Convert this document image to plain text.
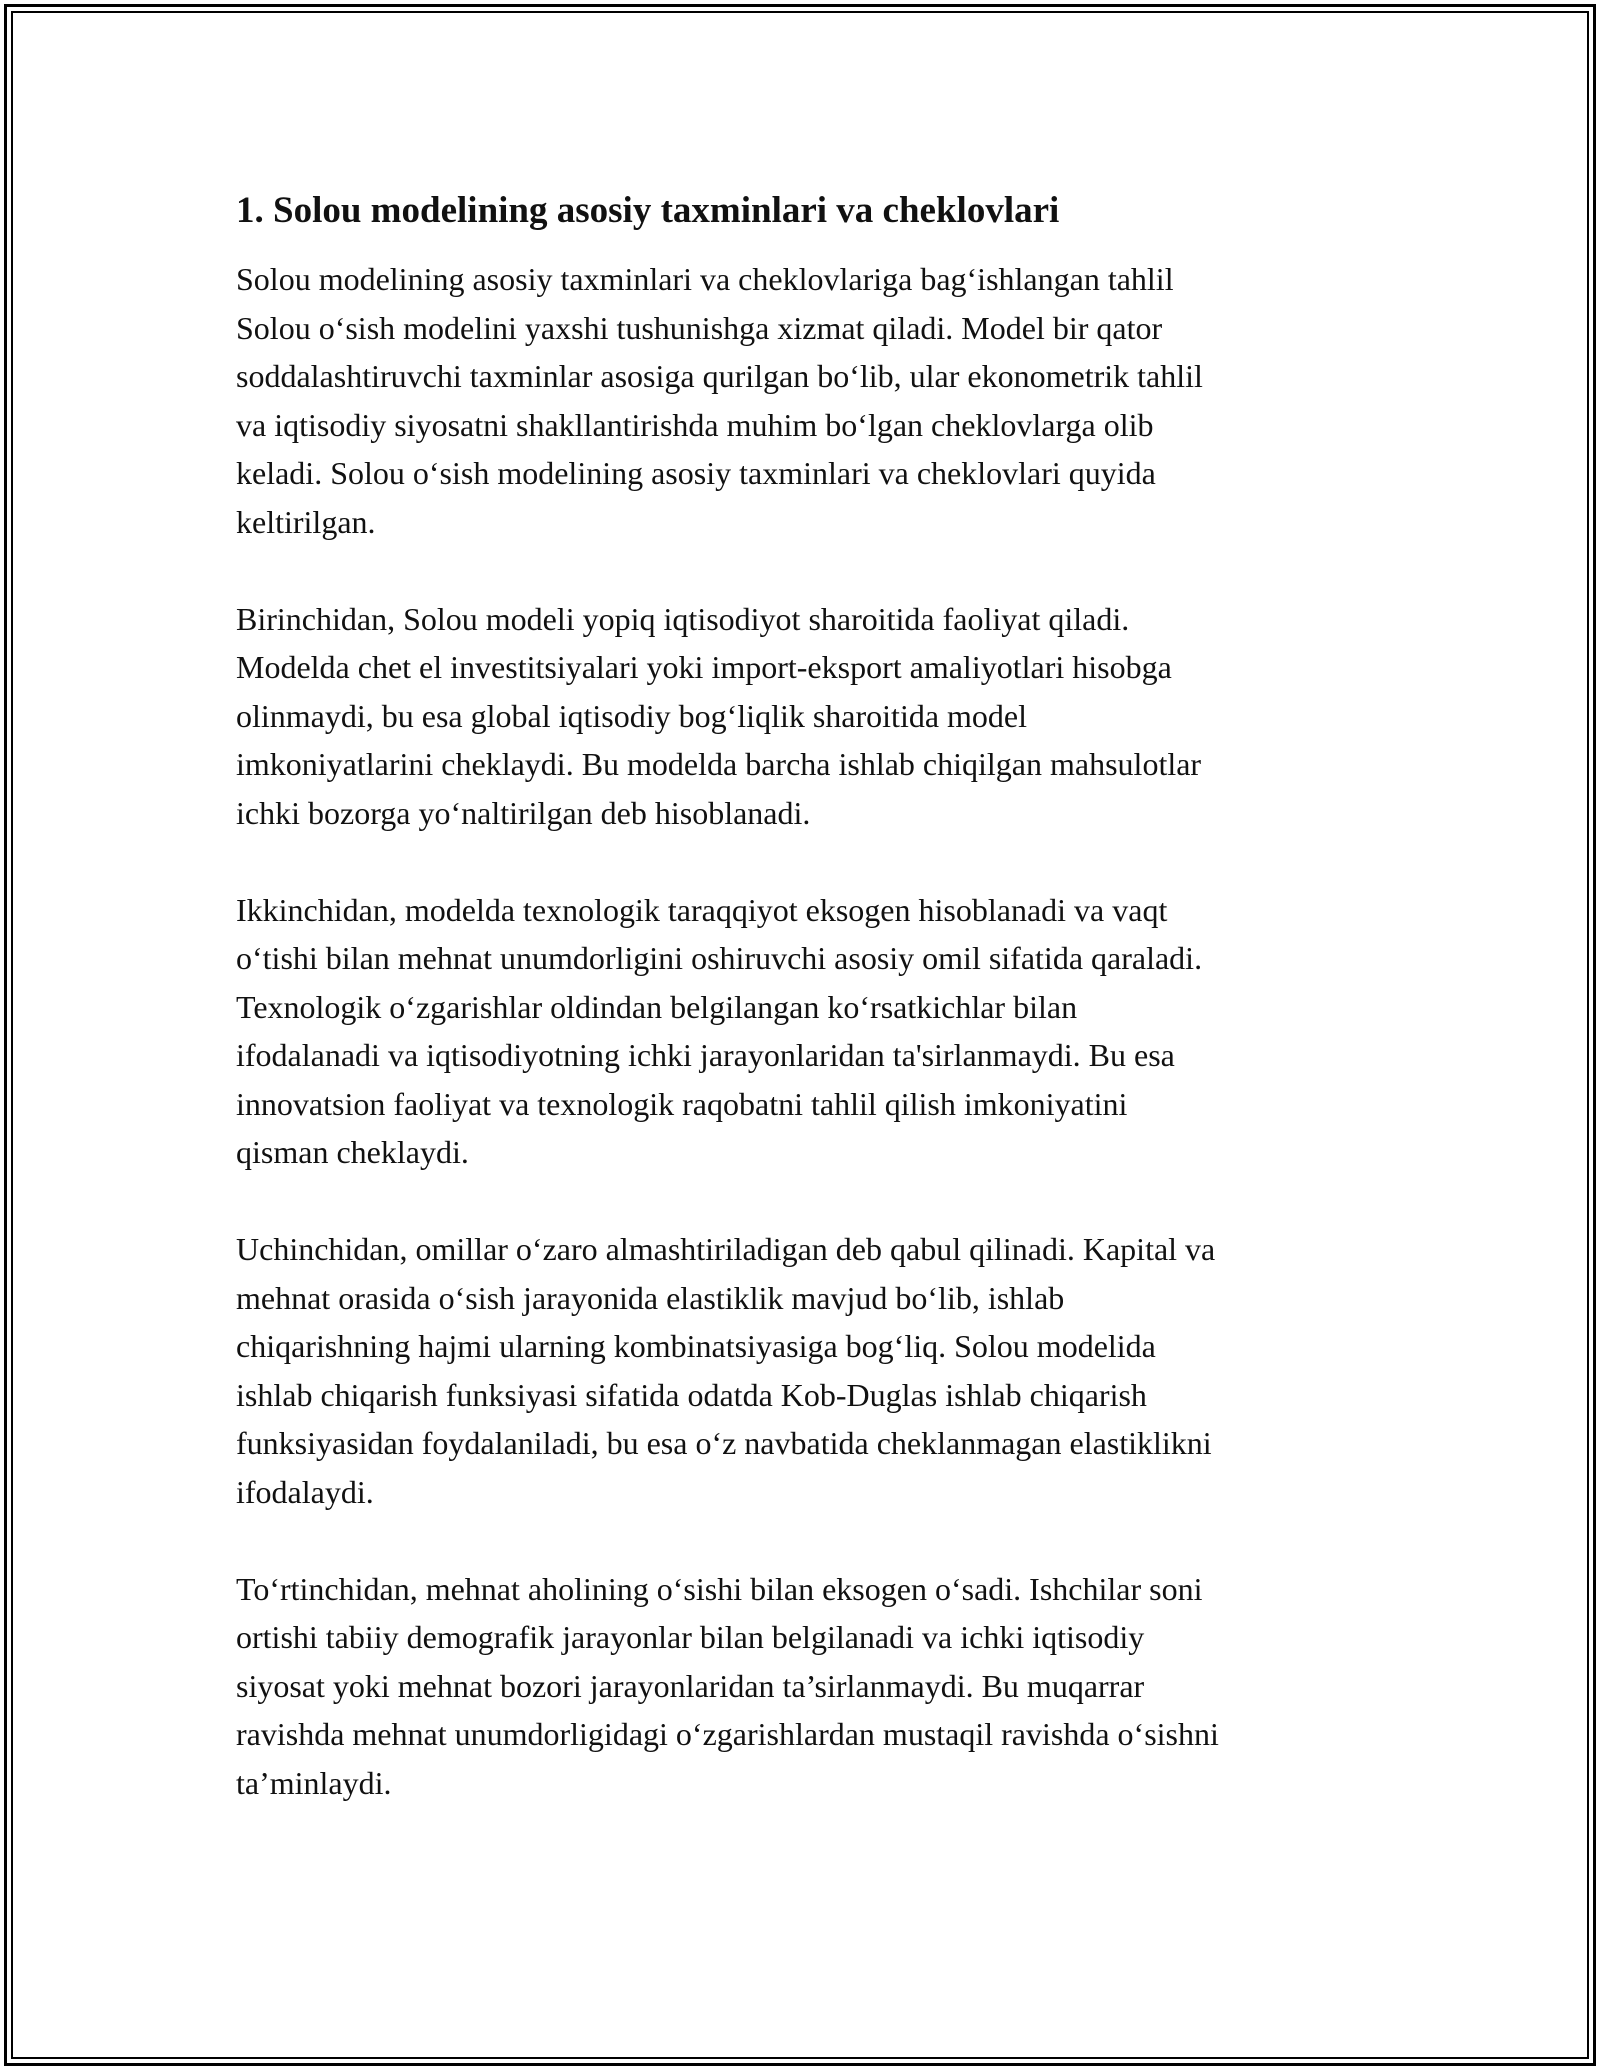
1. Solou modelining asosiy taxminlari va cheklovlari

Solou modelining asosiy taxminlari va cheklovlariga bag‘ishlangan tahlil
Solou o‘sish modelini yaxshi tushunishga xizmat qiladi. Model bir qator
soddalashtiruvchi taxminlar asosiga qurilgan bo‘lib, ular ekonometrik tahlil
va iqtisodiy siyosatni shakllantirishda muhim bo‘lgan cheklovlarga olib
keladi. Solou o‘sish modelining asosiy taxminlari va cheklovlari quyida
keltirilgan.

Birinchidan, Solou modeli yopiq iqtisodiyot sharoitida faoliyat qiladi.
Modelda chet el investitsiyalari yoki import-eksport amaliyotlari hisobga
olinmaydi, bu esa global iqtisodiy bog‘liqlik sharoitida model
imkoniyatlarini cheklaydi. Bu modelda barcha ishlab chiqilgan mahsulotlar
ichki bozorga yo‘naltirilgan deb hisoblanadi.

Ikkinchidan, modelda texnologik taraqqiyot eksogen hisoblanadi va vaqt
o‘tishi bilan mehnat unumdorligini oshiruvchi asosiy omil sifatida qaraladi.
Texnologik o‘zgarishlar oldindan belgilangan ko‘rsatkichlar bilan
ifodalanadi va iqtisodiyotning ichki jarayonlaridan ta'sirlanmaydi. Bu esa
innovatsion faoliyat va texnologik raqobatni tahlil qilish imkoniyatini
qisman cheklaydi.

Uchinchidan, omillar o‘zaro almashtiriladigan deb qabul qilinadi. Kapital va
mehnat orasida o‘sish jarayonida elastiklik mavjud bo‘lib, ishlab
chiqarishning hajmi ularning kombinatsiyasiga bog‘liq. Solou modelida
ishlab chiqarish funksiyasi sifatida odatda Kob-Duglas ishlab chiqarish
funksiyasidan foydalaniladi, bu esa o‘z navbatida cheklanmagan elastiklikni
ifodalaydi.

To‘rtinchidan, mehnat aholining o‘sishi bilan eksogen o‘sadi. Ishchilar soni
ortishi tabiiy demografik jarayonlar bilan belgilanadi va ichki iqtisodiy
siyosat yoki mehnat bozori jarayonlaridan ta’sirlanmaydi. Bu muqarrar
ravishda mehnat unumdorligidagi o‘zgarishlardan mustaqil ravishda o‘sishni
ta’minlaydi.
